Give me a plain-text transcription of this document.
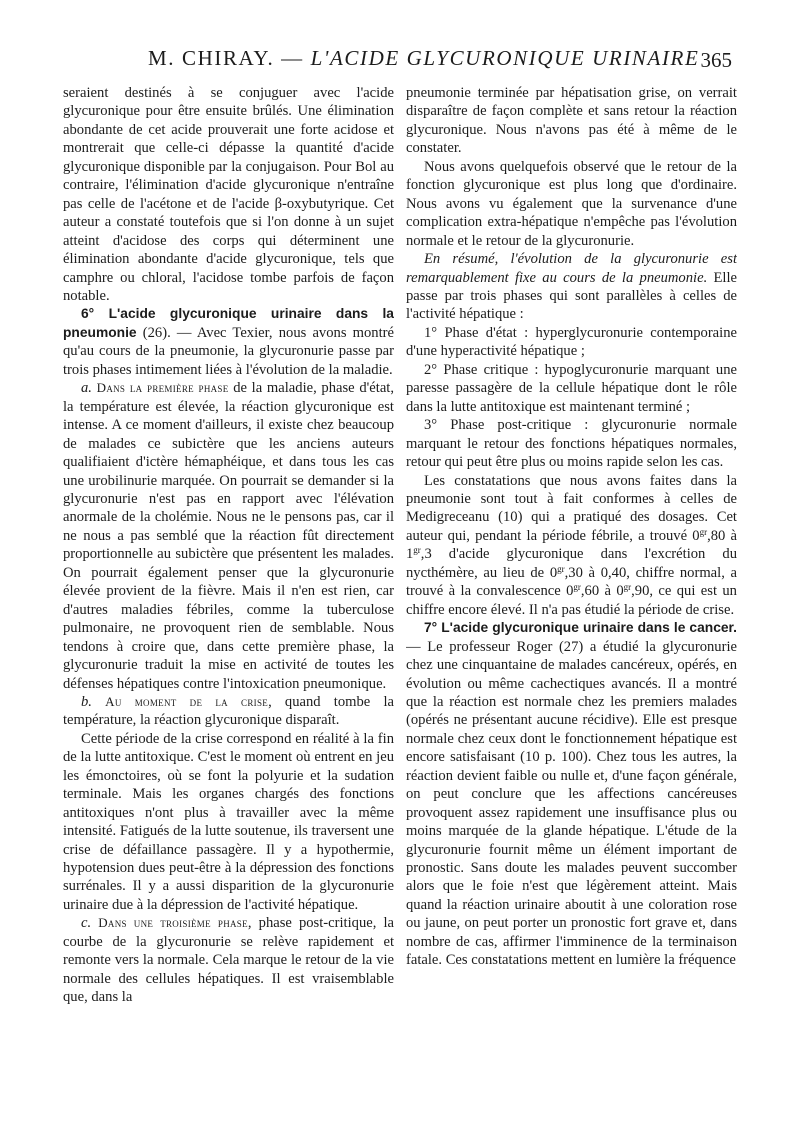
M. CHIRAY. — L'ACIDE GLYCURONIQUE URINAIRE 365

seraient destinés à se conjuguer avec l'acide glycuronique pour être ensuite brûlés. Une élimination abondante de cet acide prouverait une forte acidose et montrerait que celle-ci dépasse la quantité d'acide glycuronique disponible par la conjugaison. Pour Bol au contraire, l'élimination d'acide glycuronique n'entraîne pas celle de l'acétone et de l'acide β-oxybutyrique. Cet auteur a constaté toutefois que si l'on donne à un sujet atteint d'acidose des corps qui déterminent une élimination abondante d'acide glycuronique, tels que camphre ou chloral, l'acidose tombe parfois de façon notable.

6° L'acide glycuronique urinaire dans la pneumonie (26). — Avec Texier, nous avons montré qu'au cours de la pneumonie, la glycuronurie passe par trois phases intimement liées à l'évolution de la maladie.

a. Dans la première phase de la maladie, phase d'état, la température est élevée, la réaction glycuronique est intense. A ce moment d'ailleurs, il existe chez beaucoup de malades ce subictère que les anciens auteurs qualifiaient d'ictère hémaphéique, et dans tous les cas une urobilinurie marquée. On pourrait se demander si la glycuronurie n'est pas en rapport avec l'élévation anormale de la cholémie. Nous ne le pensons pas, car il ne nous a pas semblé que la réaction fût directement proportionnelle au subictère que présentent les malades. On pourrait également penser que la glycuronurie élevée provient de la fièvre. Mais il n'en est rien, car d'autres maladies fébriles, comme la tuberculose pulmonaire, ne provoquent rien de semblable. Nous tendons à croire que, dans cette première phase, la glycuronurie traduit la mise en activité de toutes les défenses hépatiques contre l'intoxication pneumonique.

b. Au moment de la crise, quand tombe la température, la réaction glycuronique disparaît.

Cette période de la crise correspond en réalité à la fin de la lutte antitoxique. C'est le moment où entrent en jeu les émonctoires, où se font la polyurie et la sudation terminale. Mais les organes chargés des fonctions antitoxiques n'ont plus à travailler avec la même intensité. Fatigués de la lutte soutenue, ils traversent une crise de défaillance passagère. Il y a hypothermie, hypotension dues peut-être à la dépression des fonctions surrénales. Il y a aussi disparition de la glycuronurie urinaire due à la dépression de l'activité hépatique.

c. Dans une troisième phase, phase post-critique, la courbe de la glycuronurie se relève rapidement et remonte vers la normale. Cela marque le retour de la vie normale des cellules hépatiques. Il est vraisemblable que, dans la

pneumonie terminée par hépatisation grise, on verrait disparaître de façon complète et sans retour la réaction glycuronique. Nous n'avons pas été à même de le constater.

Nous avons quelquefois observé que le retour de la fonction glycuronique est plus long que d'ordinaire. Nous avons vu également que la survenance d'une complication extra-hépatique n'empêche pas l'évolution normale et le retour de la glycuronurie.

En résumé, l'évolution de la glycuronurie est remarquablement fixe au cours de la pneumonie. Elle passe par trois phases qui sont parallèles à celles de l'activité hépatique :

1° Phase d'état : hyperglycuronurie contemporaine d'une hyperactivité hépatique ;

2° Phase critique : hypoglycuronurie marquant une paresse passagère de la cellule hépatique dont le rôle dans la lutte antitoxique est maintenant terminé ;

3° Phase post-critique : glycuronurie normale marquant le retour des fonctions hépatiques normales, retour qui peut être plus ou moins rapide selon les cas.

Les constatations que nous avons faites dans la pneumonie sont tout à fait conformes à celles de Medigreceanu (10) qui a pratiqué des dosages. Cet auteur qui, pendant la période fébrile, a trouvé $0^{gr},80$ à $1^{gr},3$ d'acide glycuronique dans l'excrétion du nycthémère, au lieu de $0^{gr},30$ à 0,40, chiffre normal, a trouvé à la convalescence $0^{gr},60$ à $0^{gr},90$, ce qui est un chiffre encore élevé. Il n'a pas étudié la période de crise.

7° L'acide glycuronique urinaire dans le cancer. — Le professeur Roger (27) a étudié la glycuronurie chez une cinquantaine de malades cancéreux, opérés, en évolution ou même cachectiques avancés. Il a montré que la réaction est normale chez les premiers malades (opérés ne présentant aucune récidive). Elle est presque normale chez ceux dont le fonctionnement hépatique est encore satisfaisant (10 p. 100). Chez tous les autres, la réaction devient faible ou nulle et, d'une façon générale, on peut conclure que les affections cancéreuses provoquent assez rapidement une insuffisance plus ou moins marquée de la glande hépatique. L'étude de la glycuronurie fournit même un élément important de pronostic. Sans doute les malades peuvent succomber alors que le foie n'est que légèrement atteint. Mais quand la réaction urinaire aboutit à une coloration rose ou jaune, on peut porter un pronostic fort grave et, dans nombre de cas, affirmer l'imminence de la terminaison fatale. Ces constatations mettent en lumière la fréquence
